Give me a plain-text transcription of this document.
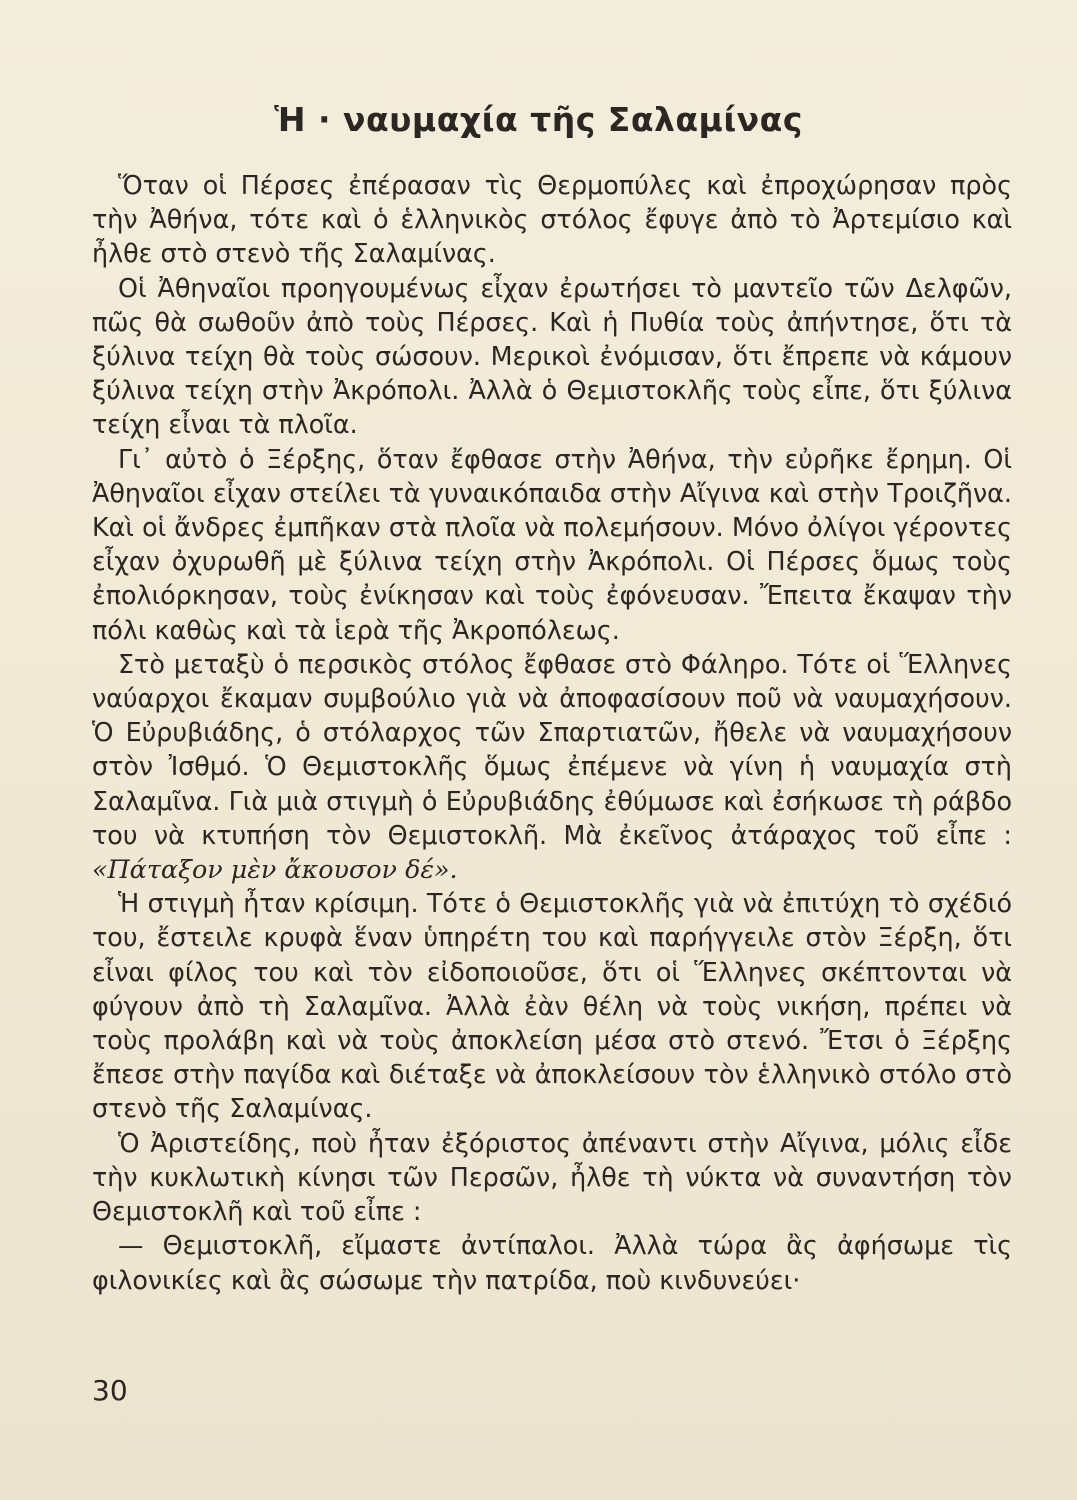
Ἡ · ναυμαχία τῆς Σαλαμίνας

Ὅταν οἱ Πέρσες ἐπέρασαν τὶς Θερμοπύλες καὶ ἐπροχώρησαν πρὸς τὴν Ἀθήνα, τότε καὶ ὁ ἑλληνικὸς στόλος ἔφυγε ἀπὸ τὸ Ἀρτεμίσιο καὶ ἦλθε στὸ στενὸ τῆς Σαλαμίνας.

Οἱ Ἀθηναῖοι προηγουμένως εἶχαν ἐρωτήσει τὸ μαντεῖο τῶν Δελφῶν, πῶς θὰ σωθοῦν ἀπὸ τοὺς Πέρσες. Καὶ ἡ Πυθία τοὺς ἀπήντησε, ὅτι τὰ ξύλινα τείχη θὰ τοὺς σώσουν. Μερικοὶ ἐνόμισαν, ὅτι ἔπρεπε νὰ κάμουν ξύλινα τείχη στὴν Ἀκρόπολι. Ἀλλὰ ὁ Θεμιστοκλῆς τοὺς εἶπε, ὅτι ξύλινα τείχη εἶναι τὰ πλοῖα.

Γι᾿ αὐτὸ ὁ Ξέρξης, ὅταν ἔφθασε στὴν Ἀθήνα, τὴν εὐρῆκε ἔρημη. Οἱ Ἀθηναῖοι εἶχαν στείλει τὰ γυναικόπαιδα στὴν Αἴγινα καὶ στὴν Τροιζῆνα. Καὶ οἱ ἄνδρες ἐμπῆκαν στὰ πλοῖα νὰ πολεμήσουν. Μόνο ὀλίγοι γέροντες εἶχαν ὀχυρωθῆ μὲ ξύλινα τείχη στὴν Ἀκρόπολι. Οἱ Πέρσες ὅμως τοὺς ἐπολιόρκησαν, τοὺς ἐνίκησαν καὶ τοὺς ἐφόνευσαν. Ἔπειτα ἔκαψαν τὴν πόλι καθὼς καὶ τὰ ἱερὰ τῆς Ἀκροπόλεως.

Στὸ μεταξὺ ὁ περσικὸς στόλος ἔφθασε στὸ Φάληρο. Τότε οἱ Ἕλληνες ναύαρχοι ἔκαμαν συμβούλιο γιὰ νὰ ἀποφασίσουν ποῦ νὰ ναυμαχήσουν. Ὁ Εὐρυβιάδης, ὁ στόλαρχος τῶν Σπαρτιατῶν, ἤθελε νὰ ναυμαχήσουν στὸν Ἰσθμό. Ὁ Θεμιστοκλῆς ὅμως ἐπέμενε νὰ γίνη ἡ ναυμαχία στὴ Σαλαμῖνα. Γιὰ μιὰ στιγμὴ ὁ Εὐρυβιάδης ἐθύμωσε καὶ ἐσήκωσε τὴ ράβδο του νὰ κτυπήση τὸν Θεμιστοκλῆ. Μὰ ἐκεῖνος ἀτάραχος τοῦ εἶπε : «Πάταξον μὲν ἄκουσον δέ».

Ἡ στιγμὴ ἦταν κρίσιμη. Τότε ὁ Θεμιστοκλῆς γιὰ νὰ ἐπιτύχη τὸ σχέδιό του, ἔστειλε κρυφὰ ἕναν ὑπηρέτη του καὶ παρήγγειλε στὸν Ξέρξη, ὅτι εἶναι φίλος του καὶ τὸν εἰδοποιοῦσε, ὅτι οἱ Ἕλληνες σκέπτονται νὰ φύγουν ἀπὸ τὴ Σαλαμῖνα. Ἀλλὰ ἐὰν θέλη νὰ τοὺς νικήση, πρέπει νὰ τοὺς προλάβη καὶ νὰ τοὺς ἀποκλείση μέσα στὸ στενό. Ἔτσι ὁ Ξέρξης ἔπεσε στὴν παγίδα καὶ διέταξε νὰ ἀποκλείσουν τὸν ἑλληνικὸ στόλο στὸ στενὸ τῆς Σαλαμίνας.

Ὁ Ἀριστείδης, ποὺ ἦταν ἐξόριστος ἀπέναντι στὴν Αἴγινα, μόλις εἶδε τὴν κυκλωτικὴ κίνησι τῶν Περσῶν, ἦλθε τὴ νύκτα νὰ συναντήση τὸν Θεμιστοκλῆ καὶ τοῦ εἶπε :

— Θεμιστοκλῆ, εἴμαστε ἀντίπαλοι. Ἀλλὰ τώρα ἂς ἀφήσωμε τὶς φιλονικίες καὶ ἂς σώσωμε τὴν πατρίδα, ποὺ κινδυνεύει·

30
